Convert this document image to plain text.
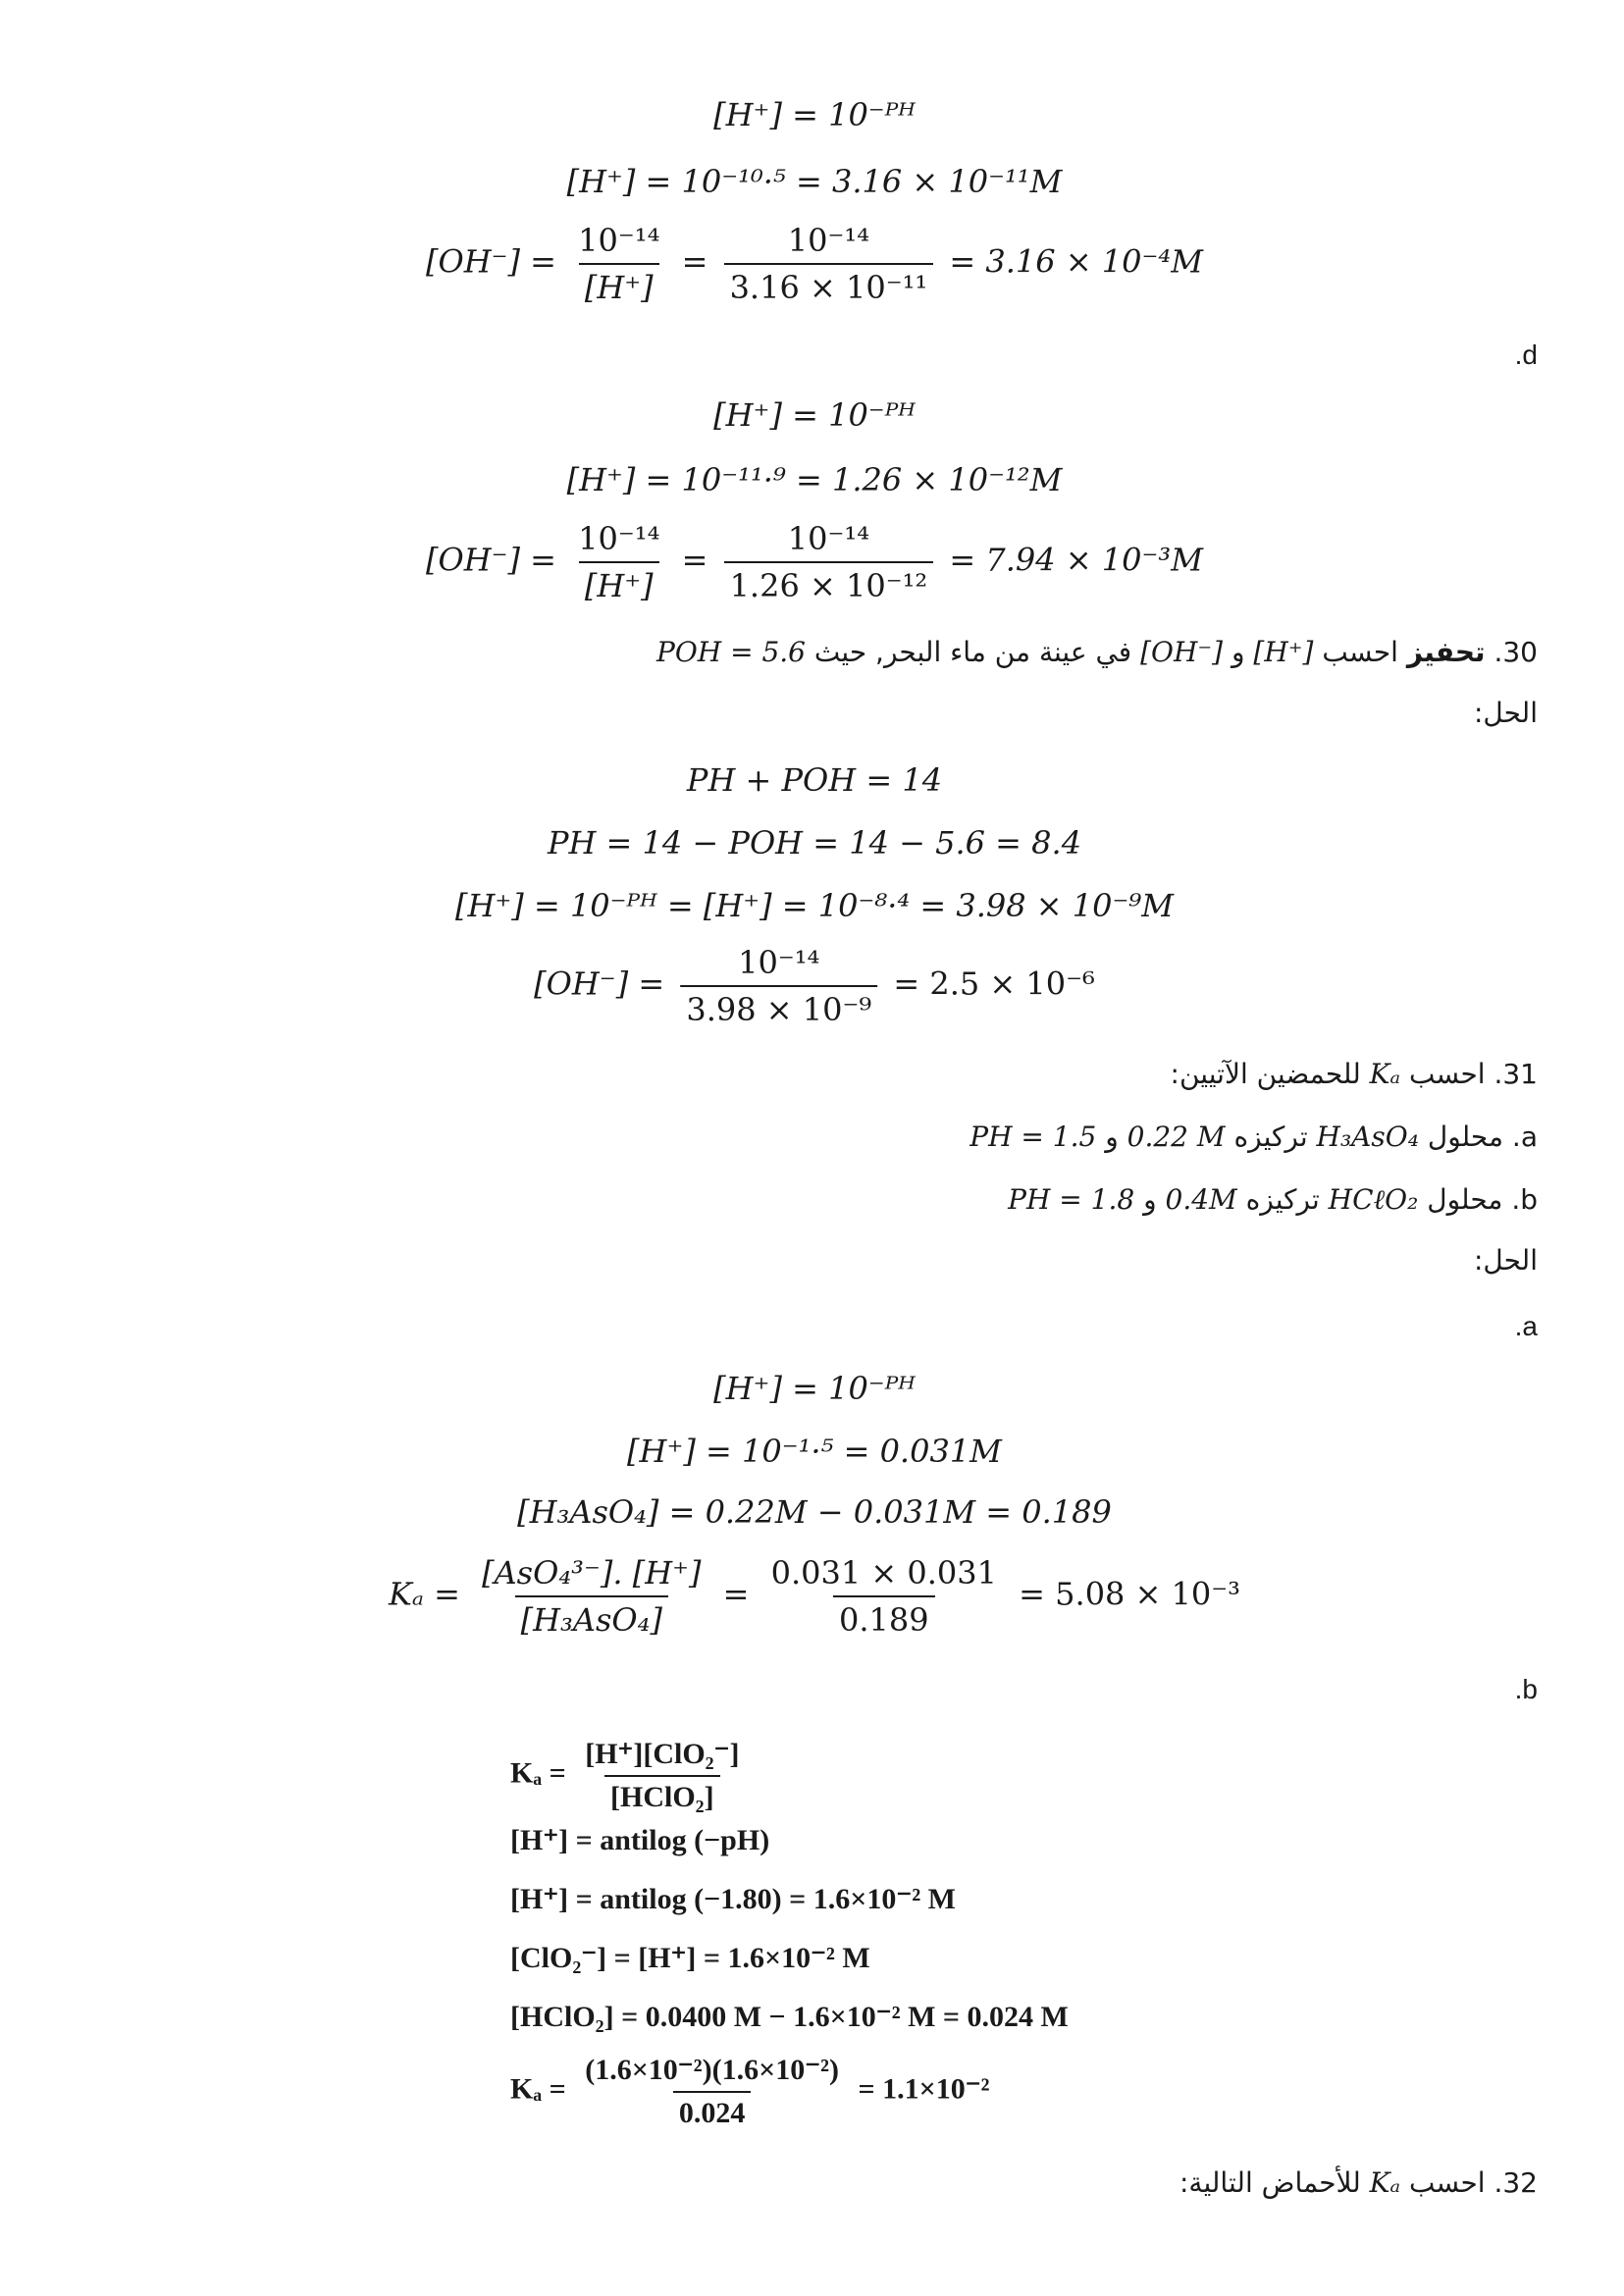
[H⁺] = 10⁻ᴾᴴ
[H⁺] = 10⁻¹⁰·⁵ = 3.16 × 10⁻¹¹M
$[OH^-] = \frac{\text{10⁻¹⁴}}{[H^+]} = \frac{\text{10⁻¹⁴}}{\text{3.16 × 10⁻¹¹}} = 3.16 \times 10^{-4}M$
.d
[H⁺] = 10⁻ᴾᴴ
[H⁺] = 10⁻¹¹·⁹ = 1.26 × 10⁻¹²M
$[OH^-] = \frac{\text{10⁻¹⁴}}{[H^+]} = \frac{\text{10⁻¹⁴}}{\text{1.26 × 10⁻¹²}} = 7.94 \times 10^{-3}M$
30. تحفيز احسب [H⁺] و [OH⁻] في عينة من ماء البحر, حيث POH = 5.6
الحل:
PH + POH = 14
PH = 14 − POH = 14 − 5.6 = 8.4
[H⁺] = 10⁻ᴾᴴ = [H⁺] = 10⁻⁸·⁴ = 3.98 × 10⁻⁹M
$[OH^-] = \frac{\text{10⁻¹⁴}}{\text{3.98 × 10⁻⁹}} = 2.5 \times 10^{-6}$
31. احسب Kₐ للحمضين الآتيين:
a. محلول H₃AsO₄ تركيزه 0.22 M و PH = 1.5
b. محلول HCℓO₂ تركيزه 0.4M و PH = 1.8
الحل:
.a
[H⁺] = 10⁻ᴾᴴ
[H⁺] = 10⁻¹·⁵ = 0.031M
[H₃AsO₄] = 0.22M − 0.031M = 0.189
$K_a = \frac{\text{[AsO₄³⁻]. [H⁺]}}{\text{[H₃AsO₄]}} = \frac{0.031 \times 0.031}{0.189} = 5.08 \times 10^{-3}$
.b
$K_a = \frac{\text{[H⁺][ClO₂⁻]}}{\text{[HClO₂]}}$
[H⁺] = antilog (−pH)
[H⁺] = antilog (−1.80) = 1.6×10⁻² M
[ClO₂⁻] = [H⁺] = 1.6×10⁻² M
[HClO₂] = 0.0400 M − 1.6×10⁻² M = 0.024 M
$K_a = \frac{\text{(1.6×10⁻²)(1.6×10⁻²)}}{0.024} = 1.1\times 10^{-2}$
32. احسب Kₐ للأحماض التالية:
